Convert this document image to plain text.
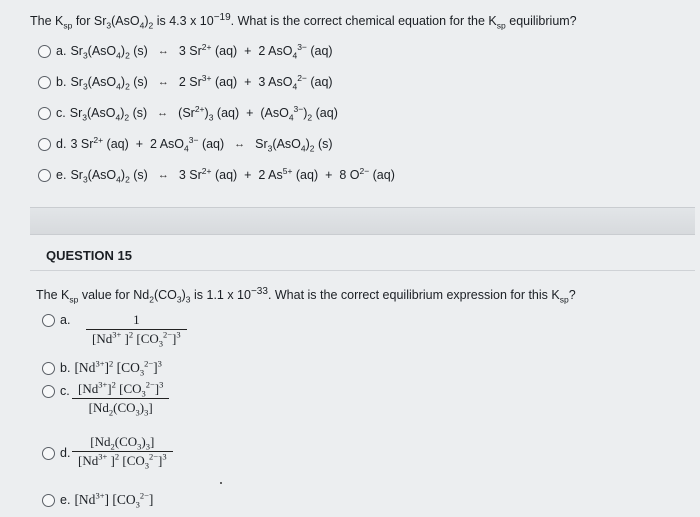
The $K_{sp}$ for $Sr_3(AsO_4)_2$ is 4.3 x $10^{-19}$. What is the correct chemical equation for the $K_{sp}$ equilibrium?
a. $Sr_3(AsO_4)_2$ (s) ↔ 3 $Sr^{2+}$ (aq)  +  2 AsO$_4^{3-}$ (aq)
b. $Sr_3(AsO_4)_2$ (s) ↔ 2 $Sr^{3+}$ (aq)  +  3 AsO$_4^{2-}$ (aq)
c. $Sr_3(AsO_4)_2$ (s) ↔ $(Sr^{2+})_3$ $(aq) + (AsO_4^{3-})_2$ (aq)
d. 3 $Sr^{2+}$ (aq)  +  2 AsO$_4^{3-}$ (aq) ↔ $Sr_3(AsO_4)_2$ (s)
e. $Sr_3(AsO_4)_2$ (s) ↔ 3 $Sr^{2+}$ (aq)  +  2 $As^{5+}$ (aq)  +  8 $O^{2-}$ (aq)
QUESTION 15
The $K_{sp}$ value for $Nd_2(CO_3)_3$ is 1.1 x $10^{-33}$. What is the correct equilibrium expression for this $K_{sp}$?
a. $\frac{1}{[Nd^{3+} ]^2 [CO_3^{2-}]^3}$
b. $[Nd^{3+}]^2$ $[CO_3^{2-}]^3$
c. $\frac{[Nd^{3+}]^2 [CO_3^{2-}]^3}{[Nd_2(CO_3)_3]}$
d. $\frac{[Nd_2(CO_3)_3]}{[Nd^{3+} ]^2 [CO_3^{2-}]^3}$
e. $[Nd^{3+}]$ $[CO_3^{2-}]$
